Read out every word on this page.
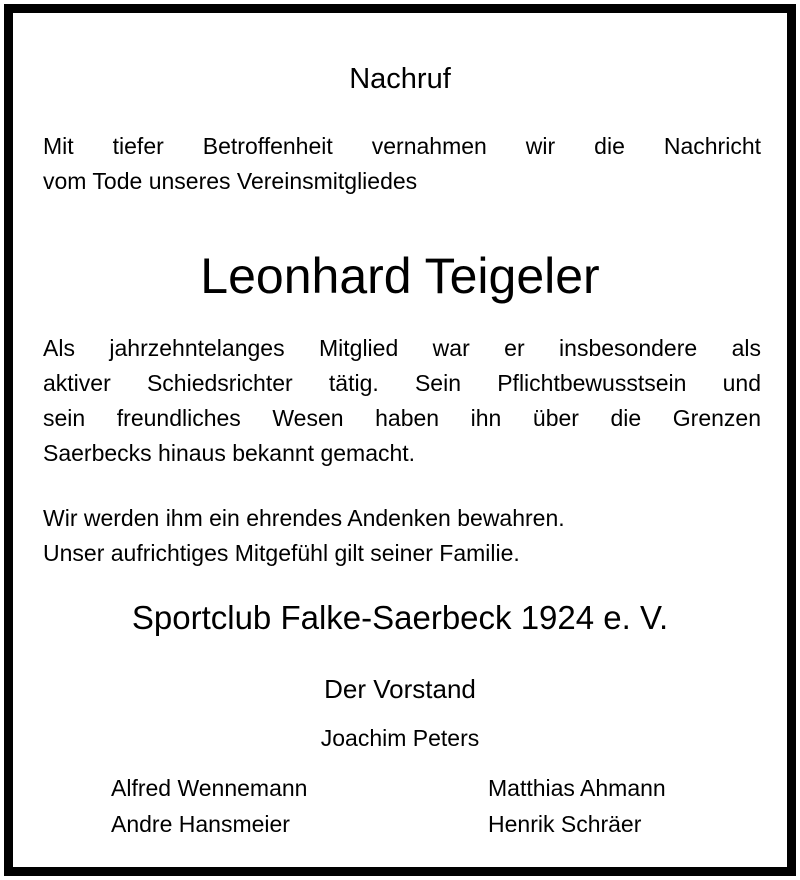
Nachruf
Mit tiefer Betroffenheit vernahmen wir die Nachricht
vom Tode unseres Vereinsmitgliedes
Leonhard Teigeler
Als jahrzehntelanges Mitglied war er insbesondere als
aktiver Schiedsrichter tätig. Sein Pflichtbewusstsein und
sein freundliches Wesen haben ihn über die Grenzen
Saerbecks hinaus bekannt gemacht.
Wir werden ihm ein ehrendes Andenken bewahren.
Unser aufrichtiges Mitgefühl gilt seiner Familie.
Sportclub Falke-Saerbeck 1924 e. V.
Der Vorstand
Joachim Peters
Alfred Wennemann
Andre Hansmeier
Matthias Ahmann
Henrik Schräer
